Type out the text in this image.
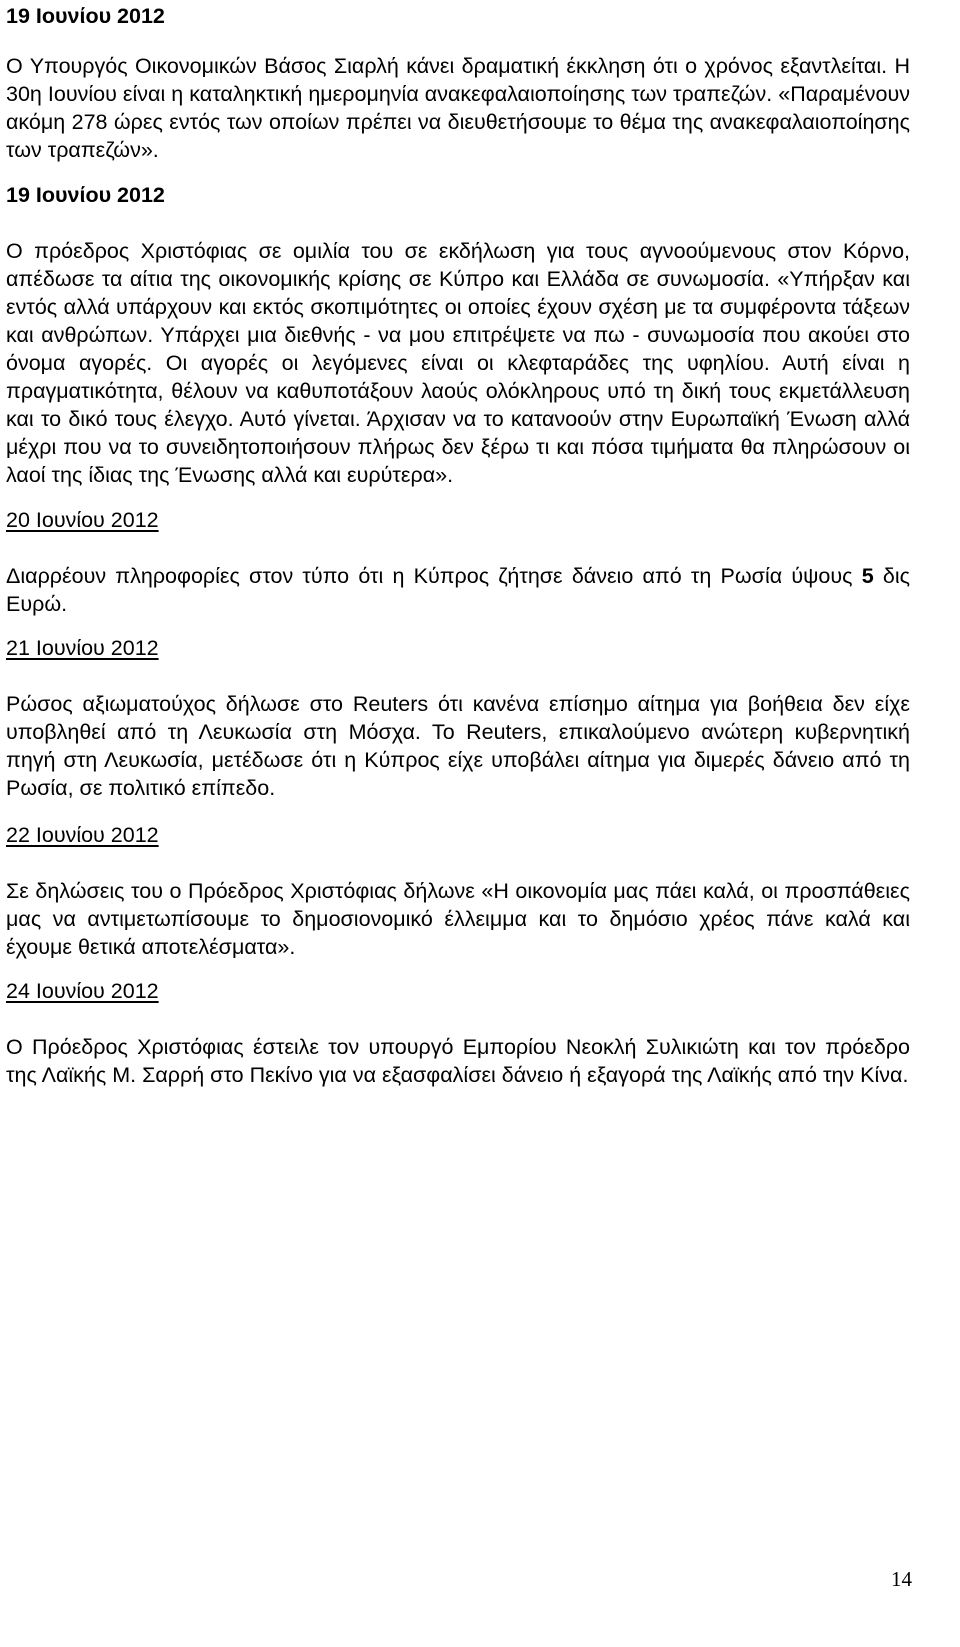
19 Ιουνίου 2012

Ο Υπουργός Οικονομικών Βάσος Σιαρλή κάνει δραματική έκκληση ότι ο χρόνος εξαντλείται. Η 30η Ιουνίου είναι η καταληκτική ημερομηνία ανακεφαλαιοποίησης των τραπεζών. «Παραμένουν ακόμη 278 ώρες εντός των οποίων πρέπει να διευθετήσουμε το θέμα της ανακεφαλαιοποίησης των τραπεζών».

19 Ιουνίου 2012

Ο πρόεδρος Χριστόφιας σε ομιλία του σε εκδήλωση για τους αγνοούμενους στον Κόρνο, απέδωσε τα αίτια της οικονομικής κρίσης σε Κύπρο και Ελλάδα σε συνωμοσία. «Υπήρξαν και εντός αλλά υπάρχουν και εκτός σκοπιμότητες οι οποίες έχουν σχέση με τα συμφέροντα τάξεων και ανθρώπων. Υπάρχει μια διεθνής - να μου επιτρέψετε να πω - συνωμοσία που ακούει στο όνομα αγορές. Οι αγορές οι λεγόμενες είναι οι κλεφταράδες της υφηλίου. Αυτή είναι η πραγματικότητα, θέλουν να καθυποτάξουν λαούς ολόκληρους υπό τη δική τους εκμετάλλευση και το δικό τους έλεγχο. Αυτό γίνεται. Άρχισαν να το κατανοούν στην Ευρωπαϊκή Ένωση αλλά μέχρι που να το συνειδητοποιήσουν πλήρως δεν ξέρω τι και πόσα τιμήματα θα πληρώσουν οι λαοί της ίδιας της Ένωσης αλλά και ευρύτερα».

20 Ιουνίου 2012

Διαρρέουν πληροφορίες στον τύπο ότι η Κύπρος ζήτησε δάνειο από τη Ρωσία ύψους 5 δις Ευρώ.

21 Ιουνίου 2012

Ρώσος αξιωματούχος δήλωσε στο Reuters ότι κανένα επίσημο αίτημα για βοήθεια δεν είχε υποβληθεί από τη Λευκωσία στη Μόσχα. Το Reuters, επικαλούμενο ανώτερη κυβερνητική πηγή στη Λευκωσία, μετέδωσε ότι η Κύπρος είχε υποβάλει αίτημα για διμερές δάνειο από τη Ρωσία, σε πολιτικό επίπεδο.

22 Ιουνίου 2012

Σε δηλώσεις του ο Πρόεδρος Χριστόφιας δήλωνε «Η οικονομία μας πάει καλά, οι προσπάθειες μας να αντιμετωπίσουμε το δημοσιονομικό έλλειμμα και το δημόσιο χρέος πάνε καλά και έχουμε θετικά αποτελέσματα».

24 Ιουνίου 2012

Ο Πρόεδρος Χριστόφιας έστειλε τον υπουργό Εμπορίου Νεοκλή Συλικιώτη και τον πρόεδρο της Λαϊκής Μ. Σαρρή στο Πεκίνο για να εξασφαλίσει δάνειο ή εξαγορά της Λαϊκής από την Κίνα.

14
